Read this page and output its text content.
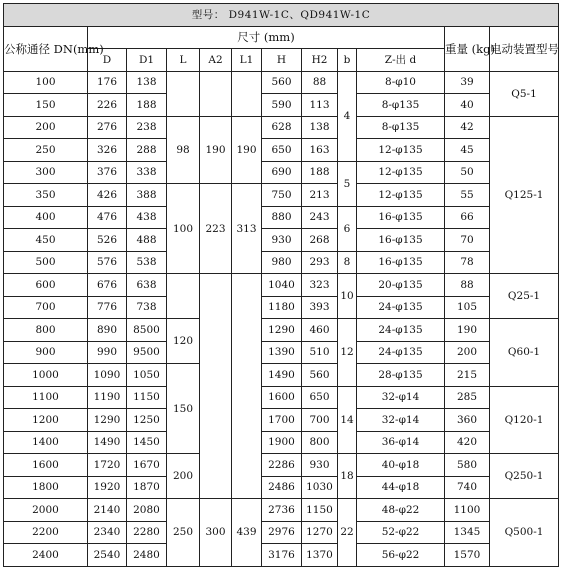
型号： D941W-1C、QD941W-1C											
公称通径 DN(mm)	尺寸 (mm)									重量 (kg)	电动装置型号
	D	D1	L	A2	L1	H	H2	b	Z-出 d		
100	176	138				560	88	4	8-φ10	39	Q5-1
150	226	188				590	113		8-φ135	40	
200	276	238	98	190	190	628	138		8-φ135	42	Q125-1
250	326	288				650	163		12-φ135	45	
300	376	338				690	188	5	12-φ135	50	
350	426	388	100	223	313	750	213		12-φ135	55	
400	476	438				880	243	6	16-φ135	66	
450	526	488				930	268		16-φ135	70	
500	576	538				980	293	8	16-φ135	78	
600	676	638				1040	323	10	20-φ135	88	Q25-1
700	776	738				1180	393		24-φ135	105	
800	890	8500	120			1290	460	12	24-φ135	190	Q60-1
900	990	9500				1390	510		24-φ135	200	
1000	1090	1050	150			1490	560		28-φ135	215	
1100	1190	1150				1600	650	14	32-φ14	285	Q120-1
1200	1290	1250				1700	700		32-φ14	360	
1400	1490	1450				1900	800		36-φ14	420	
1600	1720	1670	200			2286	930	18	40-φ18	580	Q250-1
1800	1920	1870				2486	1030		44-φ18	740	
2000	2140	2080	250	300	439	2736	1150	22	48-φ22	1100	Q500-1
2200	2340	2280				2976	1270		52-φ22	1345	
2400	2540	2480				3176	1370		56-φ22	1570	
